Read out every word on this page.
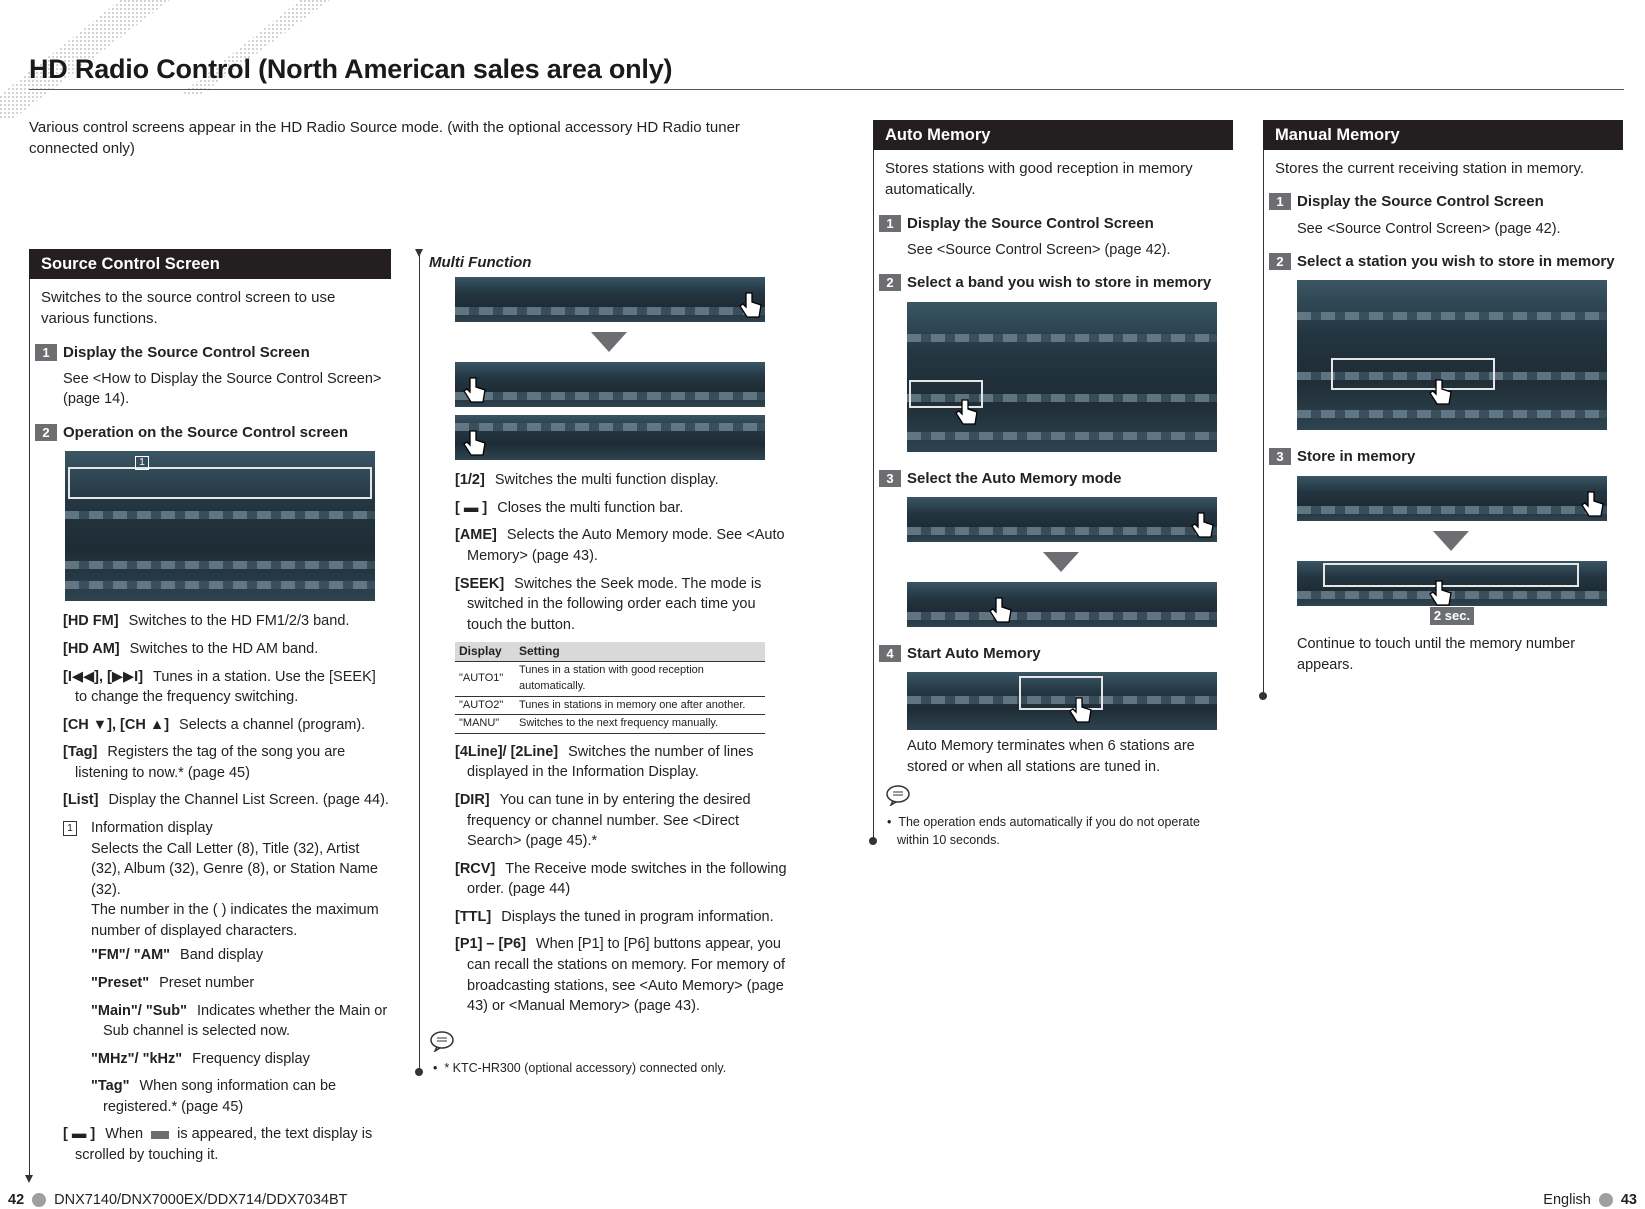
HD Radio Control (North American sales area only)
Various control screens appear in the HD Radio Source mode. (with the optional accessory HD Radio tuner connected only)
Source Control Screen
Switches to the source control screen to use various functions.
1 Display the Source Control Screen
See <How to Display the Source Control Screen> (page 14).
2 Operation on the Source Control screen
1
[HD FM] Switches to the HD FM1/2/3 band.
[HD AM] Switches to the HD AM band.
[I◀◀], [▶▶I] Tunes in a station. Use the [SEEK] to change the frequency switching.
[CH ▼], [CH ▲] Selects a channel (program).
[Tag] Registers the tag of the song you are listening to now.* (page 45)
[List] Display the Channel List Screen. (page 44).
1 Information display
Selects the Call Letter (8), Title (32), Artist (32), Album (32), Genre (8), or Station Name (32).
The number in the ( ) indicates the maximum number of displayed characters.
"FM"/ "AM" Band display
"Preset" Preset number
"Main"/ "Sub" Indicates whether the Main or Sub channel is selected now.
"MHz"/ "kHz" Frequency display
"Tag" When song information can be registered.* (page 45)
[ ▬ ] When is appeared, the text display is scrolled by touching it.
Multi Function
[1/2] Switches the multi function display.
[ ▬ ] Closes the multi function bar.
[AME] Selects the Auto Memory mode. See <Auto Memory> (page 43).
[SEEK] Switches the Seek mode. The mode is switched in the following order each time you touch the button.
Display	Setting
"AUTO1"	Tunes in a station with good reception automatically.
"AUTO2"	Tunes in stations in memory one after another.
"MANU"	Switches to the next frequency manually.
[4Line]/ [2Line] Switches the number of lines displayed in the Information Display.
[DIR] You can tune in by entering the desired frequency or channel number. See <Direct Search> (page 45).*
[RCV] The Receive mode switches in the following order. (page 44)
[TTL] Displays the tuned in program information.
[P1] – [P6] When [P1] to [P6] buttons appear, you can recall the stations on memory. For memory of broadcasting stations, see <Auto Memory> (page 43) or <Manual Memory> (page 43).
•  * KTC-HR300 (optional accessory) connected only.
Auto Memory
Stores stations with good reception in memory automatically.
1 Display the Source Control Screen
See <Source Control Screen> (page 42).
2 Select a band you wish to store in memory
3 Select the Auto Memory mode
4 Start Auto Memory
Auto Memory terminates when 6 stations are stored or when all stations are tuned in.
•  The operation ends automatically if you do not operate within 10 seconds.
Manual Memory
Stores the current receiving station in memory.
1 Display the Source Control Screen
See <Source Control Screen> (page 42).
2 Select a station you wish to store in memory
3 Store in memory
2 sec.
Continue to touch until the memory number appears.
42 DNX7140/DNX7000EX/DDX714/DDX7034BT	English 43
